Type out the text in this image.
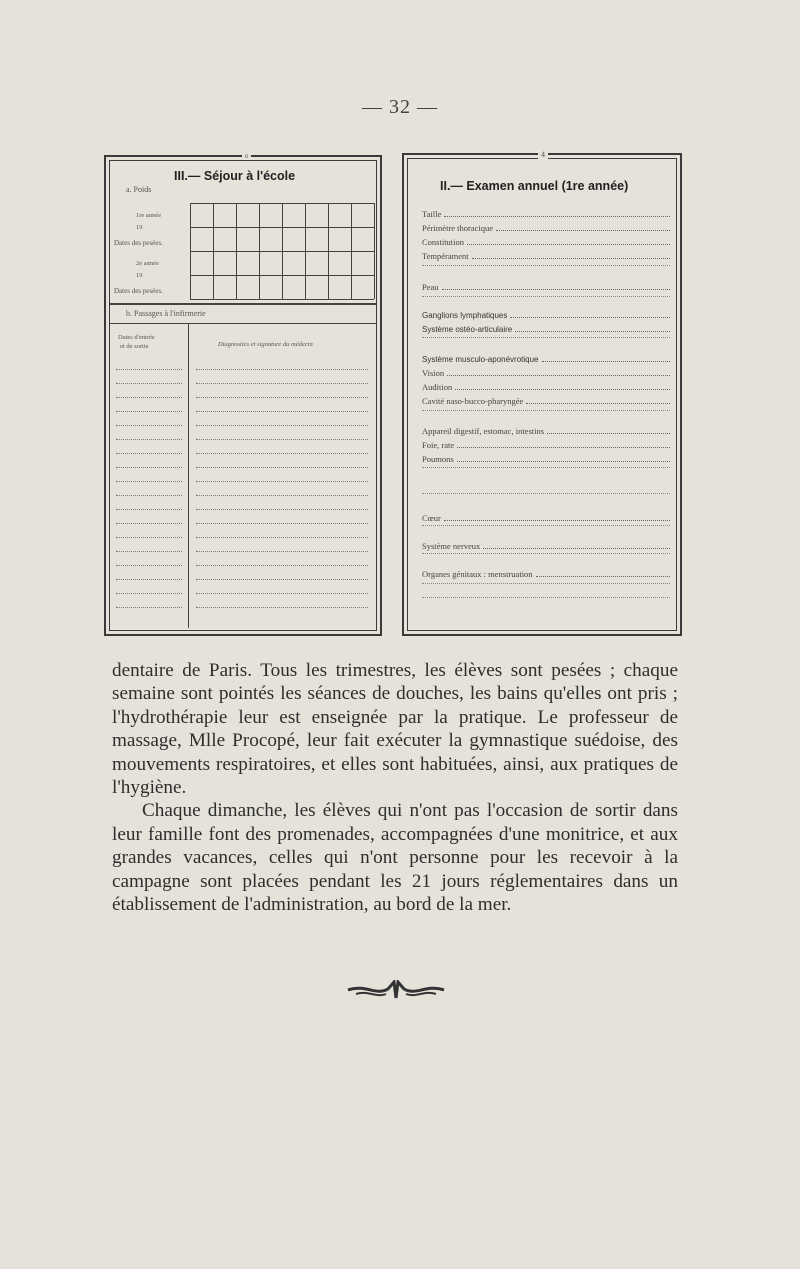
— 32 —
6
III.— Séjour à l'école
a. Poids
1re année
19
Dates des pesées.
2e année
19
Dates des pesées.
b. Passages à l'infirmerie
Dates d'entrée
et de sortie	Diagnostics et signature du médecin
4
II.— Examen annuel (1re année)
Taille
Périmètre thoracique
Constitution
Tempérament
Peau
Ganglions lymphatiques
Système ostéo-articulaire
Système musculo-aponévrotique
Vision
Audition
Cavité naso-bucco-pharyngée
Appareil digestif, estomac, intestins
Foie, rate
Poumons
Cœur
Système nerveux
Organes génitaux : menstruation

dentaire de Paris. Tous les trimestres, les élèves sont pesées ; chaque semaine sont pointés les séances de douches, les bains qu'elles ont pris ; l'hydrothérapie leur est enseignée par la pratique. Le professeur de massage, Mlle Procopé, leur fait exécuter la gymnastique suédoise, des mouvements respiratoires, et elles sont habituées, ainsi, aux pratiques de l'hygiène.

Chaque dimanche, les élèves qui n'ont pas l'occasion de sortir dans leur famille font des promenades, accompagnées d'une monitrice, et aux grandes vacances, celles qui n'ont personne pour les recevoir à la campagne sont placées pendant les 21 jours réglementaires dans un établissement de l'administration, au bord de la mer.
